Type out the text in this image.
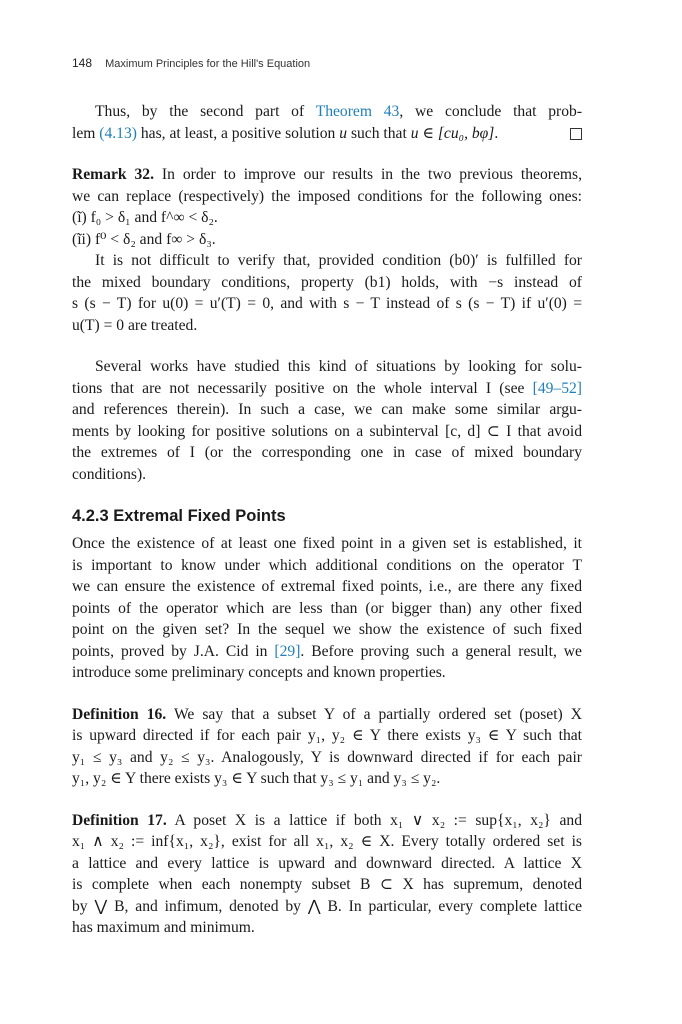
148 Maximum Principles for the Hill's Equation

Thus, by the second part of Theorem 43, we conclude that prob-
lem (4.13) has, at least, a positive solution u such that u ∈ [cu₀, bφ].

Remark 32. In order to improve our results in the two previous theorems,
we can replace (respectively) the imposed conditions for the following ones:
(ĩ) f₀ > δ₁ and f^∞ < δ₂.
(ĩi) f⁰ < δ₂ and f∞ > δ₃.
It is not difficult to verify that, provided condition (b0)′ is fulfilled for
the mixed boundary conditions, property (b1) holds, with −s instead of
s (s − T) for u(0) = u′(T) = 0, and with s − T instead of s (s − T) if u′(0) =
u(T) = 0 are treated.

Several works have studied this kind of situations by looking for solu-
tions that are not necessarily positive on the whole interval I (see [49–52]
and references therein). In such a case, we can make some similar argu-
ments by looking for positive solutions on a subinterval [c, d] ⊂ I that avoid
the extremes of I (or the corresponding one in case of mixed boundary
conditions).

4.2.3 Extremal Fixed Points

Once the existence of at least one fixed point in a given set is established, it
is important to know under which additional conditions on the operator T
we can ensure the existence of extremal fixed points, i.e., are there any fixed
points of the operator which are less than (or bigger than) any other fixed
point on the given set? In the sequel we show the existence of such fixed
points, proved by J.A. Cid in [29]. Before proving such a general result, we
introduce some preliminary concepts and known properties.

Definition 16. We say that a subset Y of a partially ordered set (poset) X
is upward directed if for each pair y₁, y₂ ∈ Y there exists y₃ ∈ Y such that
y₁ ≤ y₃ and y₂ ≤ y₃. Analogously, Y is downward directed if for each pair
y₁, y₂ ∈ Y there exists y₃ ∈ Y such that y₃ ≤ y₁ and y₃ ≤ y₂.

Definition 17. A poset X is a lattice if both x₁ ∨ x₂ := sup{x₁, x₂} and
x₁ ∧ x₂ := inf{x₁, x₂}, exist for all x₁, x₂ ∈ X. Every totally ordered set is
a lattice and every lattice is upward and downward directed. A lattice X
is complete when each nonempty subset B ⊂ X has supremum, denoted
by ⋁ B, and infimum, denoted by ⋀ B. In particular, every complete lattice
has maximum and minimum.
